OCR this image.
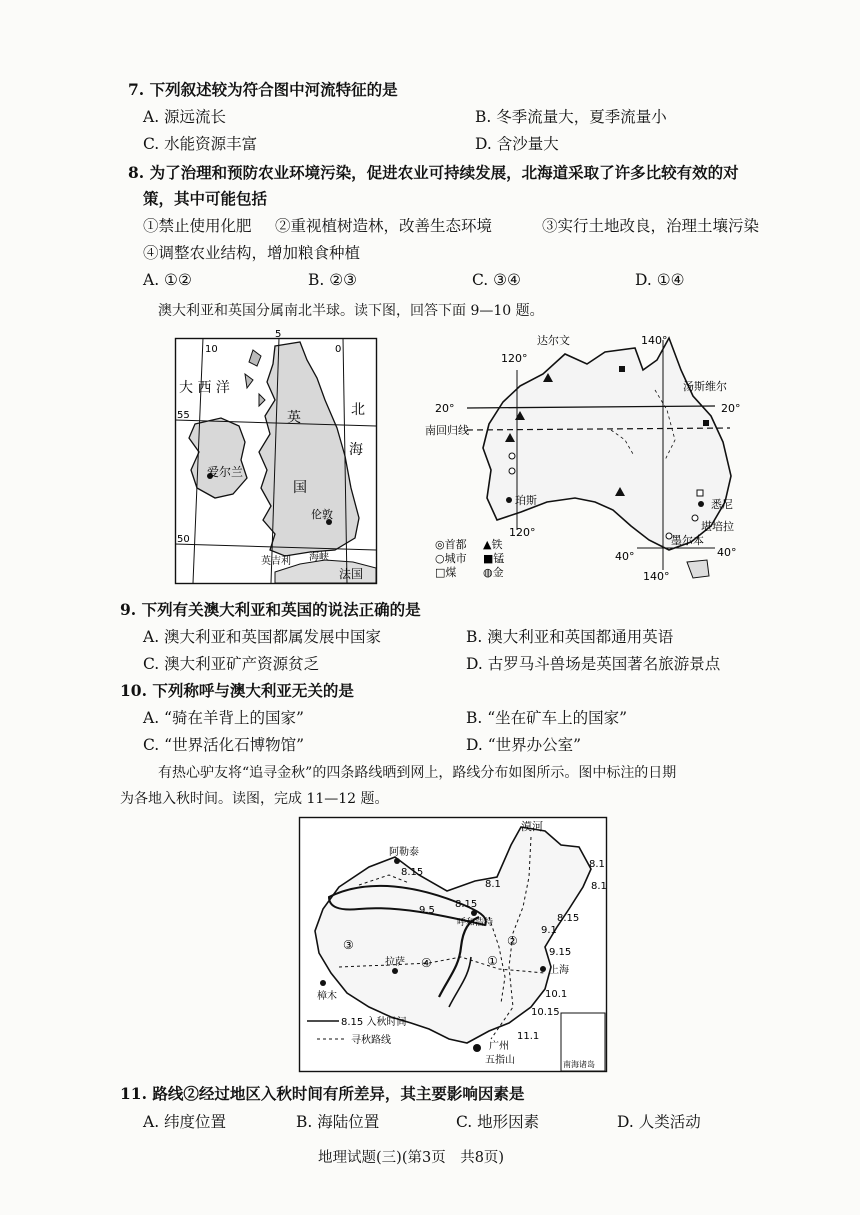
7. 下列叙述较为符合图中河流特征的是
A. 源远流长	B. 冬季流量大，夏季流量小
C. 水能资源丰富	D. 含沙量大
8. 为了治理和预防农业环境污染，促进农业可持续发展，北海道采取了许多比较有效的对
策，其中可能包括
①禁止使用化肥 ②重视植树造林，改善生态环境	③实行土地改良，治理土壤污染
④调整农业结构，增加粮食种植
A. ①②	B. ②③	C. ③④	D. ①④
澳大利亚和英国分属南北半球。读下图，回答下面 9—10 题。
5
10	0
55
50
大 西 洋
英
国
北
海
爱尔兰
伦敦
海峡
英吉利
法国
达尔文	140°
120°
汤斯维尔
20°	20°
南回归线
珀斯
120°
悉尼
堪培拉
墨尔本
40°	40°
140°
◎首都 ▲铁
○城市 ■锰
□煤 ◍金
9. 下列有关澳大利亚和英国的说法正确的是
A. 澳大利亚和英国都属发展中国家	B. 澳大利亚和英国都通用英语
C. 澳大利亚矿产资源贫乏	D. 古罗马斗兽场是英国著名旅游景点
10. 下列称呼与澳大利亚无关的是
A. “骑在羊背上的国家”	B. “坐在矿车上的国家”
C. “世界活化石博物馆”	D. “世界办公室”
有热心驴友将“追寻金秋”的四条路线晒到网上，路线分布如图所示。图中标注的日期
为各地入秋时间。读图，完成 11—12 题。
漠河
阿勒泰
8.15
8.1
8.1
8.1
8.15
8.15
9.5
9.1
呼和浩特
①
②
③
④
拉萨
樟木
9.15
上海
10.1
10.15
11.1
广州
五指山
8.15 入秋时间
寻秋路线
南海诸岛
11. 路线②经过地区入秋时间有所差异，其主要影响因素是
A. 纬度位置	B. 海陆位置	C. 地形因素	D. 人类活动
地理试题(三)(第3页　共8页)
